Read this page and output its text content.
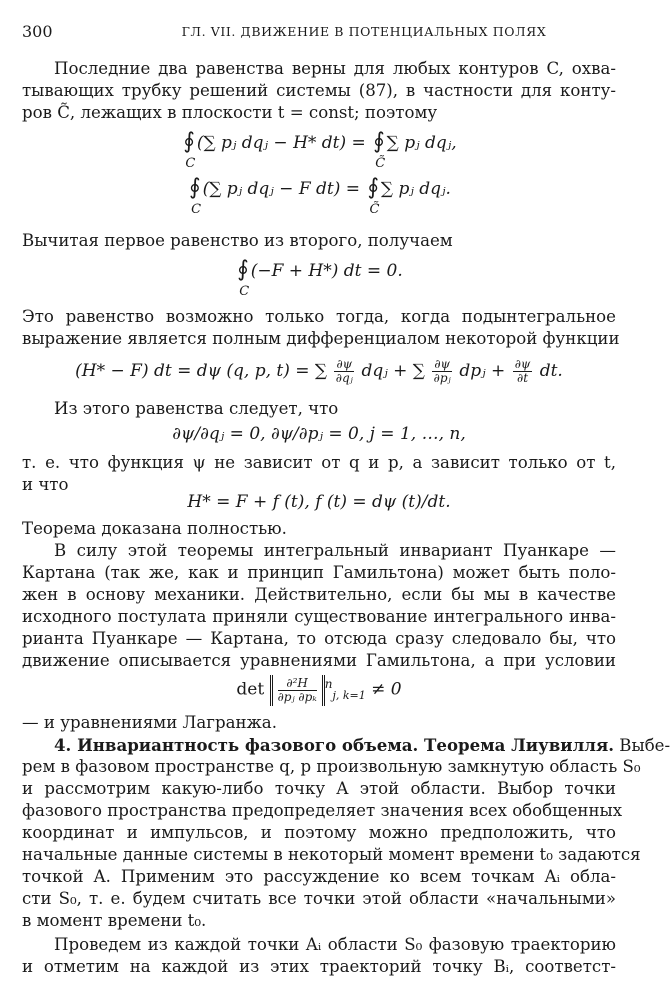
300	ГЛ. VII. ДВИЖЕНИЕ В ПОТЕНЦИАЛЬНЫХ ПОЛЯХ
Последние два равенства верны для любых контуров C, охва-
тывающих трубку решений системы (87), в частности для конту-
ров C̃, лежащих в плоскости t = const; поэтому
∮
C
(∑ pⱼ dqⱼ − H* dt) = ∮
C̃
∑ pⱼ dqⱼ,
∮
C
(∑ pⱼ dqⱼ − F dt) = ∮
C̃
∑ pⱼ dqⱼ.
Вычитая первое равенство из второго, получаем
∮
C
(−F + H*) dt = 0.
Это равенство возможно только тогда, когда подынтегральное
выражение является полным дифференциалом некоторой функции
(H* − F) dt = dψ (q, p, t) = ∑ $\frac{\partial\psi}{\text{∂qⱼ}}$ dqⱼ + ∑ $\frac{\partial\psi}{\text{∂pⱼ}}$ dpⱼ + $\frac{\partial\psi}{\partial t}$ dt.
Из этого равенства следует, что
∂ψ/∂qⱼ = 0, ∂ψ/∂pⱼ = 0, j = 1, …, n,
т. е. что функция ψ не зависит от q и p, а зависит только от t,
и что
H* = F + f (t), f (t) = dψ (t)/dt.
Теорема доказана полностью.
В силу этой теоремы интегральный инвариант Пуанкаре —
Картана (так же, как и принцип Гамильтона) может быть поло-
жен в основу механики. Действительно, если бы мы в качестве
исходного постулата приняли существование интегрального инва-
рианта Пуанкаре — Картана, то отсюда сразу следовало бы, что
движение описывается уравнениями Гамильтона, а при условии
$\det \frac{\text{∂²H}}{\text{∂pⱼ ∂pₖ}} ^n_{j, k=1} \ne 0$
— и уравнениями Лагранжа.
4. Инвариантность фазового объема. Теорема Лиувилля. Выбе-
рем в фазовом пространстве q, p произвольную замкнутую область S₀
и рассмотрим какую-либо точку A этой области. Выбор точки
фазового пространства предопределяет значения всех обобщенных
координат и импульсов, и поэтому можно предположить, что
начальные данные системы в некоторый момент времени t₀ задаются
точкой A. Применим это рассуждение ко всем точкам Aᵢ обла-
сти S₀, т. е. будем считать все точки этой области «начальными»
в момент времени t₀.
Проведем из каждой точки Aᵢ области S₀ фазовую траекторию
и отметим на каждой из этих траекторий точку Bᵢ, соответст-
